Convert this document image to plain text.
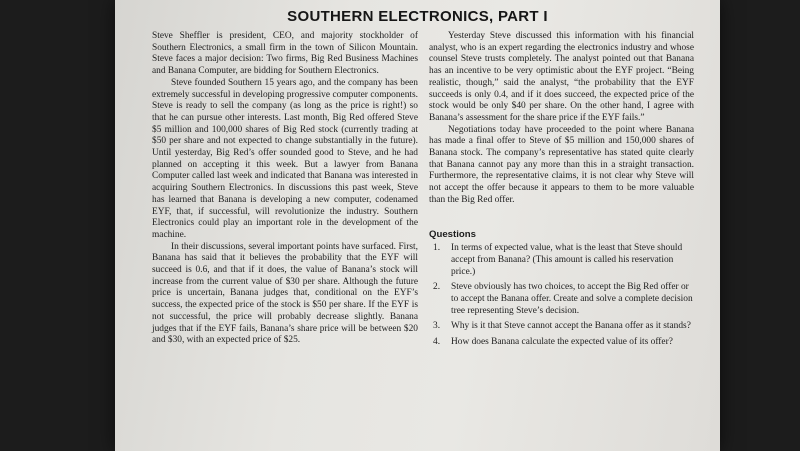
SOUTHERN ELECTRONICS, PART I

Steve Sheffler is president, CEO, and majority stockholder of Southern Electronics, a small firm in the town of Silicon Mountain. Steve faces a major decision: Two firms, Big Red Business Machines and Banana Computer, are bidding for Southern Electronics.

Steve founded Southern 15 years ago, and the company has been extremely successful in developing progressive computer components. Steve is ready to sell the company (as long as the price is right!) so that he can pursue other interests. Last month, Big Red offered Steve $5 million and 100,000 shares of Big Red stock (currently trading at $50 per share and not expected to change substantially in the future). Until yesterday, Big Red’s offer sounded good to Steve, and he had planned on accepting it this week. But a lawyer from Banana Computer called last week and indicated that Banana was interested in acquiring Southern Electronics. In discussions this past week, Steve has learned that Banana is developing a new computer, codenamed EYF, that, if successful, will revolutionize the industry. Southern Electronics could play an important role in the development of the machine.

In their discussions, several important points have surfaced. First, Banana has said that it believes the probability that the EYF will succeed is 0.6, and that if it does, the value of Banana’s stock will increase from the current value of $30 per share. Although the future price is uncertain, Banana judges that, conditional on the EYF’s success, the expected price of the stock is $50 per share. If the EYF is not successful, the price will probably decrease slightly. Banana judges that if the EYF fails, Banana’s share price will be between $20 and $30, with an expected price of $25.

Yesterday Steve discussed this information with his financial analyst, who is an expert regarding the electronics industry and whose counsel Steve trusts completely. The analyst pointed out that Banana has an incentive to be very optimistic about the EYF project. “Being realistic, though,” said the analyst, “the probability that the EYF succeeds is only 0.4, and if it does succeed, the expected price of the stock would be only $40 per share. On the other hand, I agree with Banana’s assessment for the share price if the EYF fails.”

Negotiations today have proceeded to the point where Banana has made a final offer to Steve of $5 million and 150,000 shares of Banana stock. The company’s representative has stated quite clearly that Banana cannot pay any more than this in a straight transaction. Furthermore, the representative claims, it is not clear why Steve will not accept the offer because it appears to them to be more valuable than the Big Red offer.

Questions
1.	In terms of expected value, what is the least that Steve should accept from Banana? (This amount is called his reservation price.)
2.	Steve obviously has two choices, to accept the Big Red offer or to accept the Banana offer. Create and solve a complete decision tree representing Steve’s decision.
3.	Why is it that Steve cannot accept the Banana offer as it stands?
4.	How does Banana calculate the expected value of its offer?
